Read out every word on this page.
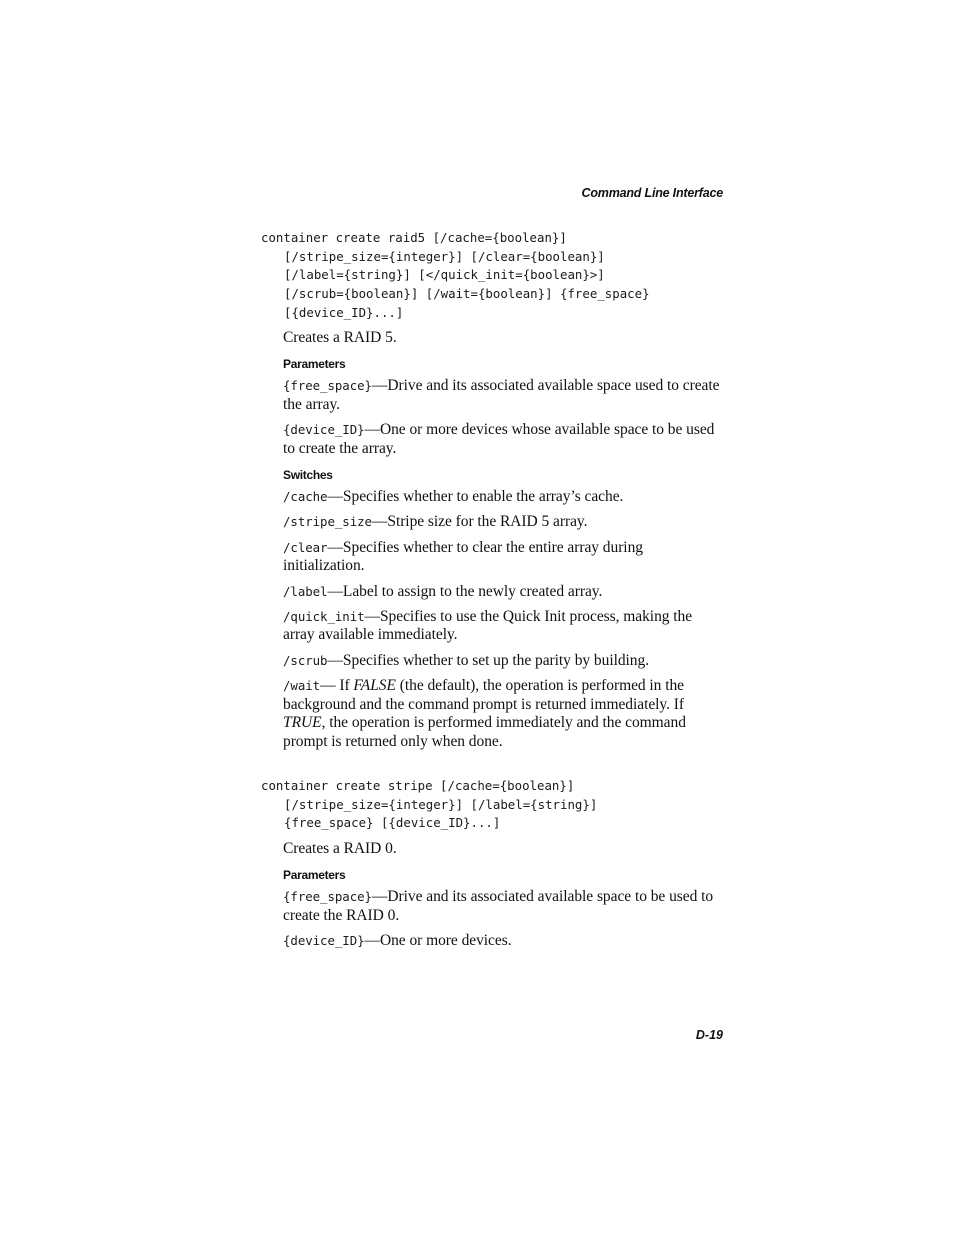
Command Line Interface
container create raid5 [/cache={boolean}]
[/stripe_size={integer}] [/clear={boolean}]
[/label={string}] [</quick_init={boolean}>]
[/scrub={boolean}] [/wait={boolean}] {free_space}
[{device_ID}...]

Creates a RAID 5.

Parameters

{free_space}—Drive and its associated available space used to create the array.

{device_ID}—One or more devices whose available space to be used to create the array.

Switches

/cache—Specifies whether to enable the array’s cache.

/stripe_size—Stripe size for the RAID 5 array.

/clear—Specifies whether to clear the entire array during initialization.

/label—Label to assign to the newly created array.

/quick_init—Specifies to use the Quick Init process, making the array available immediately.

/scrub—Specifies whether to set up the parity by building.

/wait— If FALSE (the default), the operation is performed in the background and the command prompt is returned immediately. If TRUE, the operation is performed immediately and the command prompt is returned only when done.

container create stripe [/cache={boolean}]
[/stripe_size={integer}] [/label={string}]
{free_space} [{device_ID}...]

Creates a RAID 0.

Parameters

{free_space}—Drive and its associated available space to be used to create the RAID 0.

{device_ID}—One or more devices.

D-19
